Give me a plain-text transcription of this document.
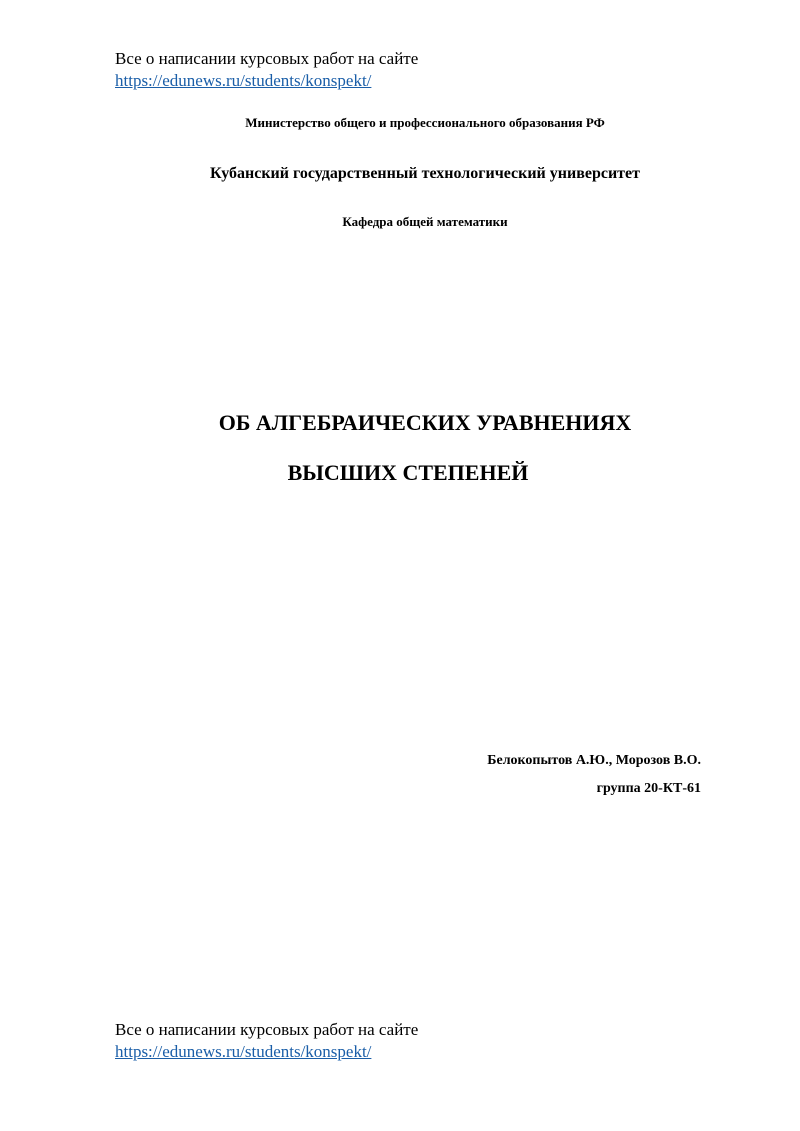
Все о написании курсовых работ на сайте
https://edunews.ru/students/konspekt/
Министерство общего и профессионального образования РФ
Кубанский государственный технологический университет
Кафедра общей математики
ОБ АЛГЕБРАИЧЕСКИХ УРАВНЕНИЯХ
ВЫСШИХ СТЕПЕНЕЙ
Белокопытов А.Ю., Морозов В.О.
группа 20-КТ-61
Все о написании курсовых работ на сайте
https://edunews.ru/students/konspekt/
